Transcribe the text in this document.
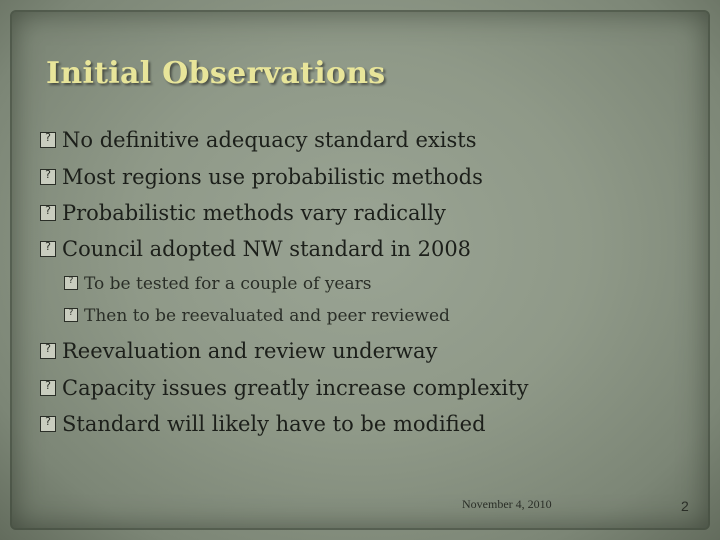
Initial Observations
?No definitive adequacy standard exists
?Most regions use probabilistic methods
?Probabilistic methods vary radically
?Council adopted NW standard in 2008
?To be tested for a couple of years
?Then to be reevaluated and peer reviewed
?Reevaluation and review underway
?Capacity issues greatly increase complexity
?Standard will likely have to be modified
November 4, 2010	2
